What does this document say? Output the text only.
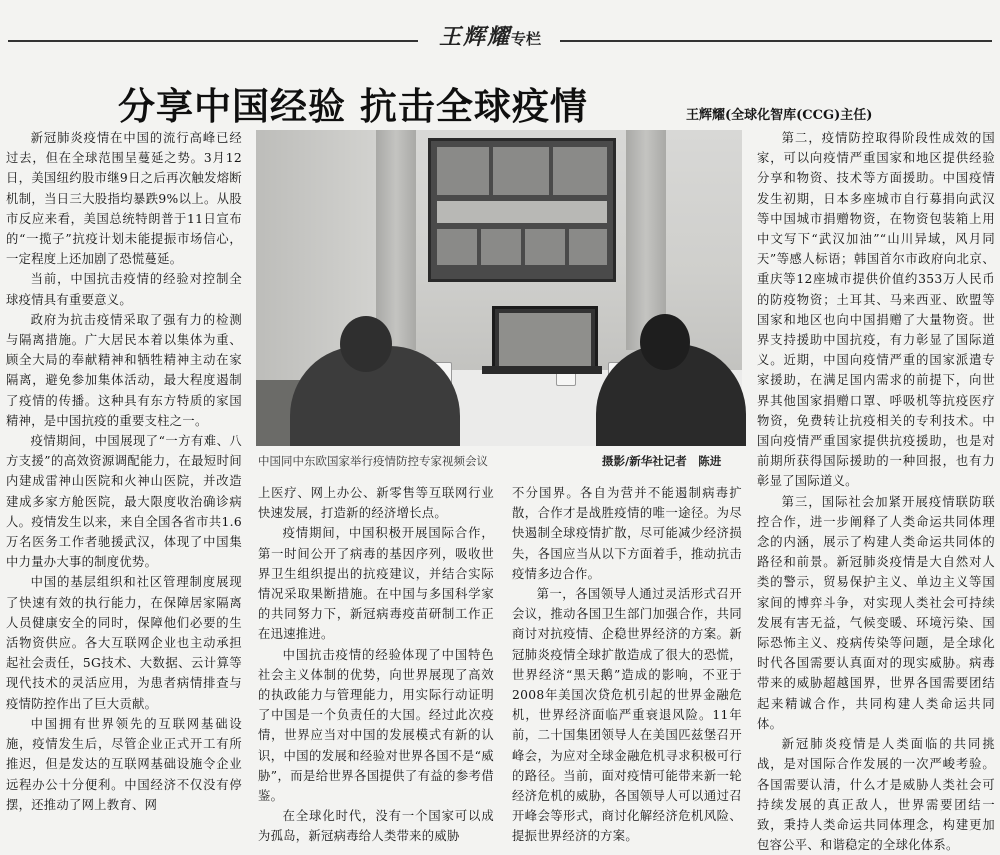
王辉耀专栏
分享中国经验 抗击全球疫情	王辉耀(全球化智库(CCG)主任)

新冠肺炎疫情在中国的流行高峰已经过去，但在全球范围呈蔓延之势。3月12日，美国纽约股市继9日之后再次触发熔断机制，当日三大股指均暴跌9%以上。从股市反应来看，美国总统特朗普于11日宣布的“一揽子”抗疫计划未能提振市场信心，一定程度上还加剧了恐慌蔓延。

当前，中国抗击疫情的经验对控制全球疫情具有重要意义。

政府为抗击疫情采取了强有力的检测与隔离措施。广大居民本着以集体为重、顾全大局的奉献精神和牺牲精神主动在家隔离，避免参加集体活动，最大程度遏制了疫情的传播。这种具有东方特质的家国精神，是中国抗疫的重要支柱之一。

疫情期间，中国展现了“一方有难、八方支援”的高效资源调配能力，在最短时间内建成雷神山医院和火神山医院，并改造建成多家方舱医院，最大限度收治确诊病人。疫情发生以来，来自全国各省市共1.6万名医务工作者驰援武汉，体现了中国集中力量办大事的制度优势。

中国的基层组织和社区管理制度展现了快速有效的执行能力，在保障居家隔离人员健康安全的同时，保障他们必要的生活物资供应。各大互联网企业也主动承担起社会责任，5G技术、大数据、云计算等现代技术的灵活应用，为患者病情排查与疫情防控作出了巨大贡献。

中国拥有世界领先的互联网基础设施，疫情发生后，尽管企业正式开工有所推迟，但是发达的互联网基础设施令企业远程办公十分便利。中国经济不仅没有停摆，还推动了网上教育、网

中国同中东欧国家举行疫情防控专家视频会议	摄影/新华社记者　陈进

上医疗、网上办公、新零售等互联网行业快速发展，打造新的经济增长点。

疫情期间，中国积极开展国际合作，第一时间公开了病毒的基因序列，吸收世界卫生组织提出的抗疫建议，并结合实际情况采取果断措施。在中国与多国科学家的共同努力下，新冠病毒疫苗研制工作正在迅速推进。

中国抗击疫情的经验体现了中国特色社会主义体制的优势，向世界展现了高效的执政能力与管理能力，用实际行动证明了中国是一个负责任的大国。经过此次疫情，世界应当对中国的发展模式有新的认识，中国的发展和经验对世界各国不是“威胁”，而是给世界各国提供了有益的参考借鉴。

在全球化时代，没有一个国家可以成为孤岛，新冠病毒给人类带来的威胁

不分国界。各自为营并不能遏制病毒扩散，合作才是战胜疫情的唯一途径。为尽快遏制全球疫情扩散，尽可能减少经济损失，各国应当从以下方面着手，推动抗击疫情多边合作。

第一，各国领导人通过灵活形式召开会议，推动各国卫生部门加强合作，共同商讨对抗疫情、企稳世界经济的方案。新冠肺炎疫情全球扩散造成了很大的恐慌，世界经济“黑天鹅”造成的影响，不亚于2008年美国次贷危机引起的世界金融危机，世界经济面临严重衰退风险。11年前，二十国集团领导人在美国匹兹堡召开峰会，为应对全球金融危机寻求积极可行的路径。当前，面对疫情可能带来新一轮经济危机的威胁，各国领导人可以通过召开峰会等形式，商讨化解经济危机风险、提振世界经济的方案。

第二，疫情防控取得阶段性成效的国家，可以向疫情严重国家和地区提供经验分享和物资、技术等方面援助。中国疫情发生初期，日本多座城市自行募捐向武汉等中国城市捐赠物资，在物资包装箱上用中文写下“武汉加油”“山川异域，风月同天”等感人标语；韩国首尔市政府向北京、重庆等12座城市提供价值约353万人民币的防疫物资；土耳其、马来西亚、欧盟等国家和地区也向中国捐赠了大量物资。世界支持援助中国抗疫，有力彰显了国际道义。近期，中国向疫情严重的国家派遣专家援助，在满足国内需求的前提下，向世界其他国家捐赠口罩、呼吸机等抗疫医疗物资，免费转让抗疫相关的专利技术。中国向疫情严重国家提供抗疫援助，也是对前期所获得国际援助的一种回报，也有力彰显了国际道义。

第三，国际社会加紧开展疫情联防联控合作，进一步阐释了人类命运共同体理念的内涵，展示了构建人类命运共同体的路径和前景。新冠肺炎疫情是大自然对人类的警示，贸易保护主义、单边主义等国家间的博弈斗争，对实现人类社会可持续发展有害无益，气候变暖、环境污染、国际恐怖主义、疫病传染等问题，是全球化时代各国需要认真面对的现实威胁。病毒带来的威胁超越国界，世界各国需要团结起来精诚合作，共同构建人类命运共同体。

新冠肺炎疫情是人类面临的共同挑战，是对国际合作发展的一次严峻考验。各国需要认清，什么才是威胁人类社会可持续发展的真正敌人，世界需要团结一致，秉持人类命运共同体理念，构建更加包容公平、和谐稳定的全球化体系。
